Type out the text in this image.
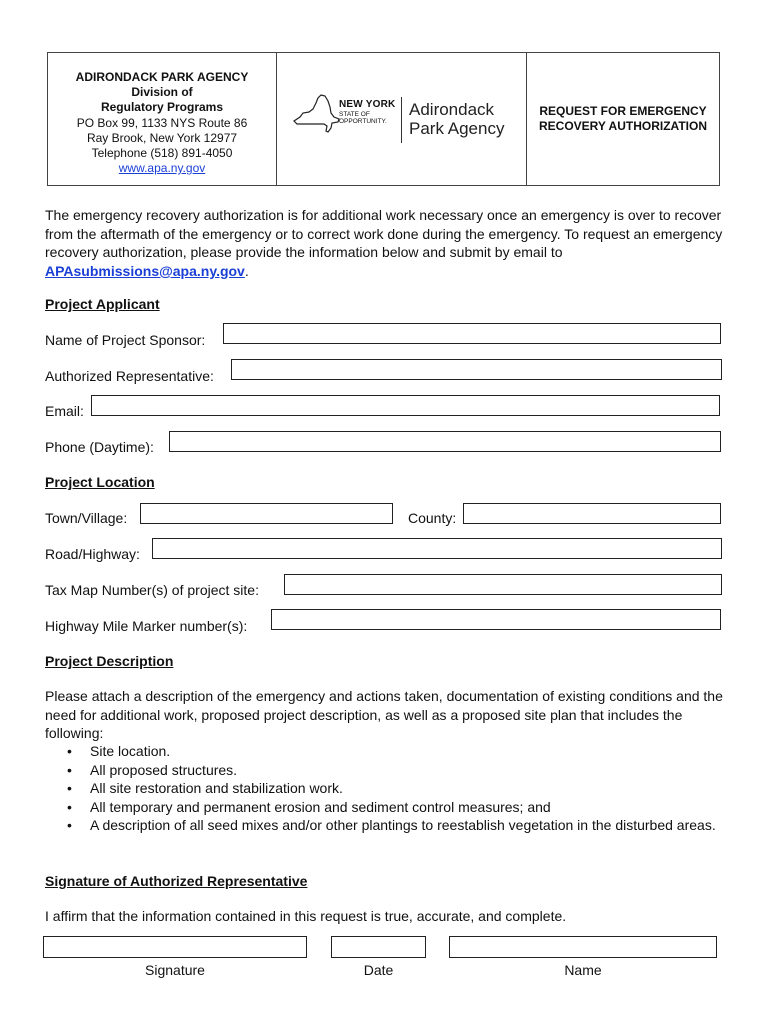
ADIRONDACK PARK AGENCY
Division of
Regulatory Programs
PO Box 99, 1133 NYS Route 86
Ray Brook, New York 12977
Telephone (518) 891-4050
www.apa.ny.gov
NEW YORK
STATE OF
OPPORTUNITY.
Adirondack
Park Agency
REQUEST FOR EMERGENCY
RECOVERY AUTHORIZATION
The emergency recovery authorization is for additional work necessary once an emergency is over to recover from the aftermath of the emergency or to correct work done during the emergency. To request an emergency recovery authorization, please provide the information below and submit by email to APAsubmissions@apa.ny.gov.
Project Applicant
Name of Project Sponsor:
Authorized Representative:
Email:
Phone (Daytime):
Project Location
Town/Village:	County:
Road/Highway:
Tax Map Number(s) of project site:
Highway Mile Marker number(s):
Project Description
Please attach a description of the emergency and actions taken, documentation of existing conditions and the need for additional work, proposed project description, as well as a proposed site plan that includes the following:
• Site location.
• All proposed structures.
• All site restoration and stabilization work.
• All temporary and permanent erosion and sediment control measures; and
• A description of all seed mixes and/or other plantings to reestablish vegetation in the disturbed areas.
Signature of Authorized Representative
I affirm that the information contained in this request is true, accurate, and complete.
Signature	Date	Name
